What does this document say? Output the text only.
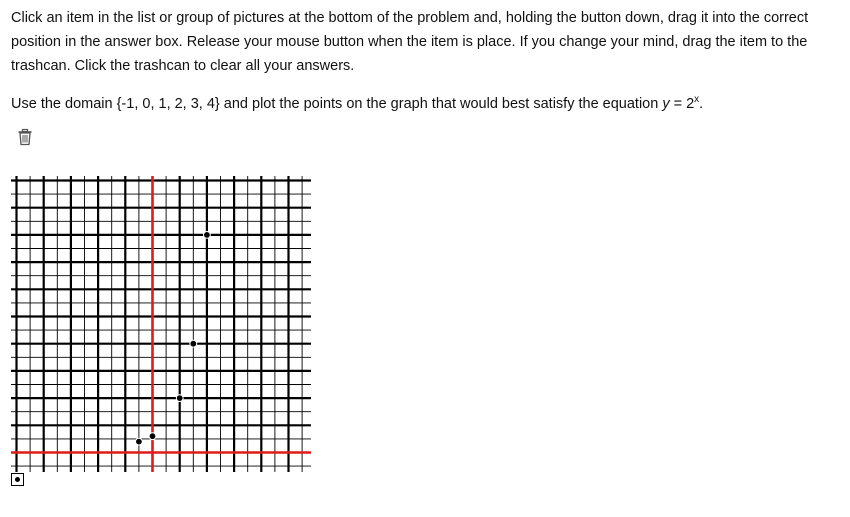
Click an item in the list or group of pictures at the bottom of the problem and, holding the button down, drag it into the correct position in the answer box. Release your mouse button when the item is place. If you change your mind, drag the item to the trashcan. Click the trashcan to clear all your answers.

Use the domain {-1, 0, 1, 2, 3, 4} and plot the points on the graph that would best satisfy the equation $y = 2^x$.
